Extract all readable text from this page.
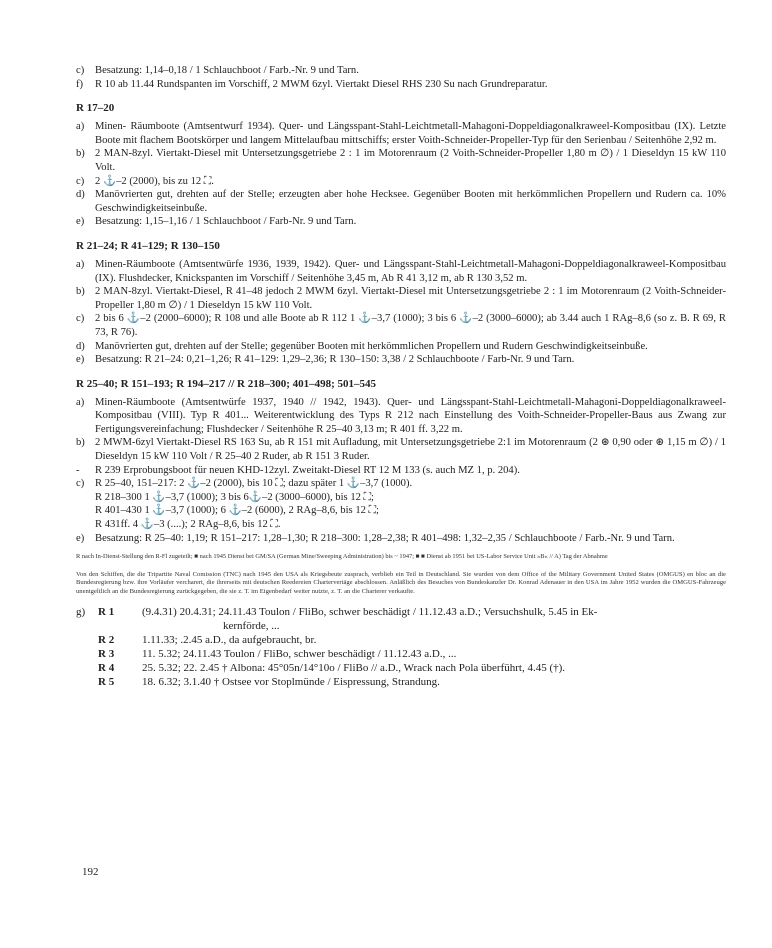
c)	Besatzung: 1,14–0,18 / 1 Schlauchboot / Farb.-Nr. 9 und Tarn.
f)	R 10 ab 11.44 Rundspanten im Vorschiff, 2 MWM 6zyl. Viertakt Diesel RHS 230 Su nach Grundreparatur.
R 17–20
a)	Minen- Räumboote (Amtsentwurf 1934). Quer- und Längsspant-Stahl-Leichtmetall-Mahagoni-Doppeldiagonalkraweel-Kompositbau (IX). Letzte Boote mit flachem Bootskörper und langem Mittelaufbau mittschiffs; erster Voith-Schneider-Propeller-Typ für den Serienbau / Seitenhöhe 2,92 m.
b) 2 MAN-8zyl. Viertakt-Diesel mit Untersetzungsgetriebe 2 : 1 im Motorenraum (2 Voith-Schneider-Propeller 1,80 m ∅) / 1 Dieseldyn 15 kW 110 Volt.
c)	2 ⚓–2 (2000), bis zu 12 ⛶.
d) Manövrierten gut, drehten auf der Stelle; erzeugten aber hohe Hecksee. Gegenüber Booten mit herkömmlichen Propellern und Rudern ca. 10% Geschwindigkeitseinbuße.
e)	Besatzung: 1,15–1,16 / 1 Schlauchboot / Farb-Nr. 9 und Tarn.
R 21–24; R 41–129; R 130–150
a)	Minen-Räumboote (Amtsentwürfe 1936, 1939, 1942). Quer- und Längsspant-Stahl-Leichtmetall-Mahagoni-Doppeldiagonalkraweel-Kompositbau (IX). Flushdecker, Knickspanten im Vorschiff / Seitenhöhe 3,45 m, Ab R 41 3,12 m, ab R 130 3,52 m.
b) 2 MAN-8zyl. Viertakt-Diesel, R 41–48 jedoch 2 MWM 6zyl. Viertakt-Diesel mit Untersetzungsgetriebe 2 : 1 im Motorenraum (2 Voith-Schneider-Propeller 1,80 m ∅) / 1 Dieseldyn 15 kW 110 Volt.
c)	2 bis 6 ⚓–2 (2000–6000); R 108 und alle Boote ab R 112 1 ⚓–3,7 (1000); 3 bis 6 ⚓–2 (3000–6000); ab 3.44 auch 1 RAg–8,6 (so z. B. R 69, R 73, R 76).
d) Manövrierten gut, drehten auf der Stelle; gegenüber Booten mit herkömmlichen Propellern und Rudern Geschwindigkeitseinbuße.
e)	Besatzung: R 21–24: 0,21–1,26; R 41–129: 1,29–2,36; R 130–150: 3,38 / 2 Schlauchboote / Farb-Nr. 9 und Tarn.
R 25–40; R 151–193; R 194–217 // R 218–300; 401–498; 501–545
a)	Minen-Räumboote (Amtsentwürfe 1937, 1940 // 1942, 1943). Quer- und Längsspant-Stahl-Leichtmetall-Mahagoni-Doppeldiagonalkraweel-Kompositbau (VIII). Typ R 401... Weiterentwicklung des Typs R 212 nach Einstellung des Voith-Schneider-Propeller-Baus aus Zwang zur Fertigungsvereinfachung; Flushdecker / Seitenhöhe R 25–40 3,13 m; R 401 ff. 3,22 m.
b) 2 MWM-6zyl Viertakt-Diesel RS 163 Su, ab R 151 mit Aufladung, mit Untersetzungsgetriebe 2:1 im Motorenraum (2 ⊛ 0,90 oder ⊛ 1,15 m ∅) / 1 Dieseldyn 15 kW 110 Volt / R 25–40 2 Ruder, ab R 151 3 Ruder.
-	R 239 Erprobungsboot für neuen KHD-12zyl. Zweitakt-Diesel RT 12 M 133 (s. auch MZ 1, p. 204).
c)	R 25–40, 151–217: 2 ⚓–2 (2000), bis 10 ⛶; dazu später 1 ⚓–3,7 (1000).
R 218–300 1 ⚓–3,7 (1000); 3 bis 6⚓–2 (3000–6000), bis 12 ⛶;
R 401–430 1 ⚓–3,7 (1000); 6 ⚓–2 (6000), 2 RAg–8,6, bis 12 ⛶;
R 431ff. 4 ⚓–3 (....); 2 RAg–8,6, bis 12 ⛶.
e)	Besatzung: R 25–40: 1,19; R 151–217: 1,28–1,30; R 218–300: 1,28–2,38; R 401–498: 1,32–2,35 / Schlauchboote / Farb.-Nr. 9 und Tarn.
R nach In-Dienst-Stellung den R-Fl zugeteilt; ■ nach 1945 Dienst bei GM/SA (German Mine/Sweeping Administration) bis ~ 1947; ■ ■ Dienst ab 1951 bei US-Labor Service Unit »B« // A) Tag der Abnahme
Von den Schiffen, die die Tripartite Naval Comission (TNC) nach 1945 den USA als Kriegsbeute zusprach, verblieb ein Teil in Deutschland. Sie wurden von dem Office of the Military Government United States (OMGUS) en bloc an die Bundesregierung bzw. ihre Vorläufer vercharert, die ihrerseits mit deutschen Reedereien Chartervertäge abschlossen. Anläßlich des Besuches von Bundeskanzler Dr. Konrad Adenauer in den USA im Jahre 1952 wurden die OMGUS-Fahrzeuge unentgeltlich an die Bundesregierung zurückgegeben, die sie z. T. im Eigenbedarf weiter nutzte, z. T. an die Charterer verkaufte.
g)	R 1	(9.4.31) 20.4.31; 24.11.43 Toulon / FliBo, schwer beschädigt / 11.12.43 a.D.; Versuchshulk, 5.45 in Ek-
kernförde, ...
R 2	1.11.33; .2.45 a.D., da aufgebraucht, br.
R 3	11. 5.32; 24.11.43 Toulon / FliBo, schwer beschädigt / 11.12.43 a.D., ...
R 4	25. 5.32; 22. 2.45 † Albona: 45°05n/14°10o / FliBo // a.D., Wrack nach Pola überführt, 4.45 (†).
R 5	18. 6.32; 3.1.40 † Ostsee vor Stoplmünde / Eispressung, Strandung.
192
